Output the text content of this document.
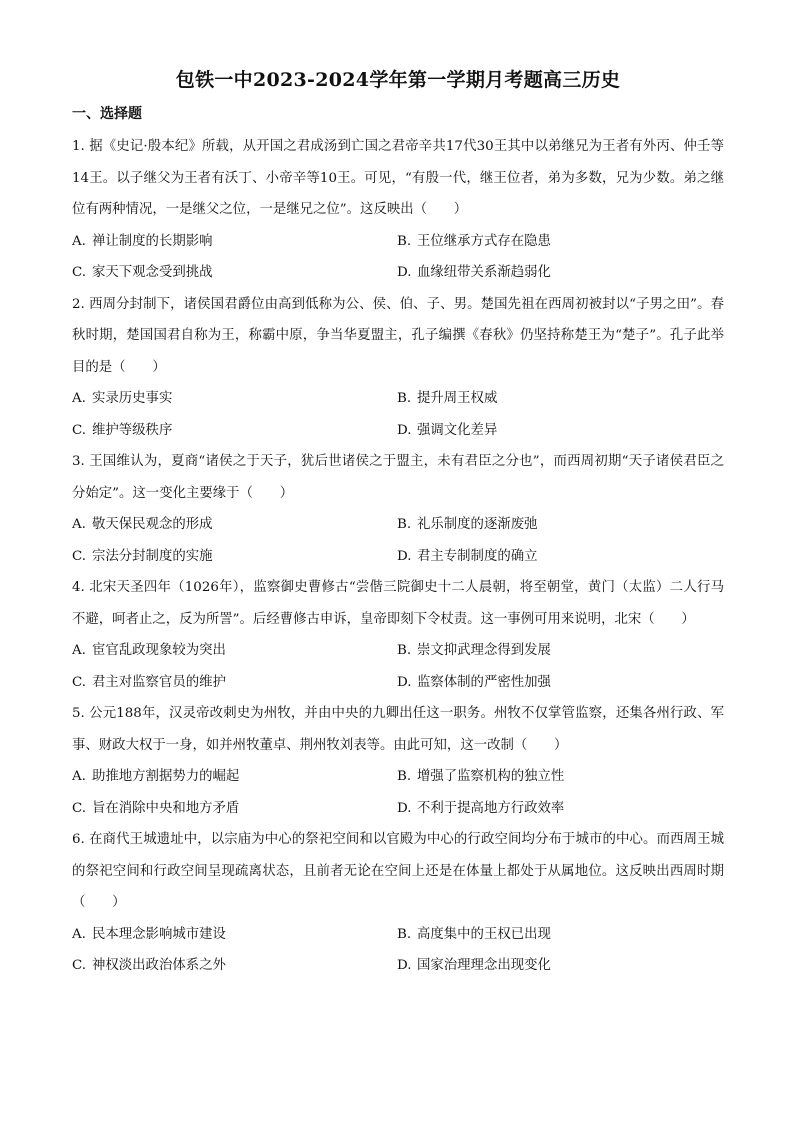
包铁一中2023-2024学年第一学期月考题高三历史
一、选择题

1. 据《史记·殷本纪》所载，从开国之君成汤到亡国之君帝辛共17代30王其中以弟继兄为王者有外丙、仲壬等14王。以子继父为王者有沃丁、小帝辛等10王。可见，“有殷一代，继王位者，弟为多数，兄为少数。弟之继位有两种情况，一是继父之位，一是继兄之位”。这反映出（　　）

A. 禅让制度的长期影响	B. 王位继承方式存在隐患
C. 家天下观念受到挑战	D. 血缘纽带关系渐趋弱化

2. 西周分封制下，诸侯国君爵位由高到低称为公、侯、伯、子、男。楚国先祖在西周初被封以“子男之田”。春秋时期，楚国国君自称为王，称霸中原，争当华夏盟主，孔子编撰《春秋》仍坚持称楚王为“楚子”。孔子此举目的是（　　）

A. 实录历史事实	B. 提升周王权威
C. 维护等级秩序	D. 强调文化差异

3. 王国维认为，夏商“诸侯之于天子，犹后世诸侯之于盟主，未有君臣之分也”，而西周初期“天子诸侯君臣之分始定”。这一变化主要缘于（　　）

A. 敬天保民观念的形成	B. 礼乐制度的逐渐废弛
C. 宗法分封制度的实施	D. 君主专制制度的确立

4. 北宋天圣四年（1026年），监察御史曹修古“尝偕三院御史十二人晨朝，将至朝堂，黄门（太监）二人行马不避，呵者止之，反为所詈”。后经曹修古申诉，皇帝即刻下令杖责。这一事例可用来说明，北宋（　　）

A. 宦官乱政现象较为突出	B. 崇文抑武理念得到发展
C. 君主对监察官员的维护	D. 监察体制的严密性加强

5. 公元188年，汉灵帝改刺史为州牧，并由中央的九卿出任这一职务。州牧不仅掌管监察，还集各州行政、军事、财政大权于一身，如并州牧董卓、荆州牧刘表等。由此可知，这一改制（　　）

A. 助推地方割据势力的崛起	B. 增强了监察机构的独立性
C. 旨在消除中央和地方矛盾	D. 不利于提高地方行政效率

6. 在商代王城遗址中，以宗庙为中心的祭祀空间和以官殿为中心的行政空间均分布于城市的中心。而西周王城的祭祀空间和行政空间呈现疏离状态，且前者无论在空间上还是在体量上都处于从属地位。这反映出西周时期（　　）

A. 民本理念影响城市建设	B. 高度集中的王权已出现
C. 神权淡出政治体系之外	D. 国家治理理念出现变化
